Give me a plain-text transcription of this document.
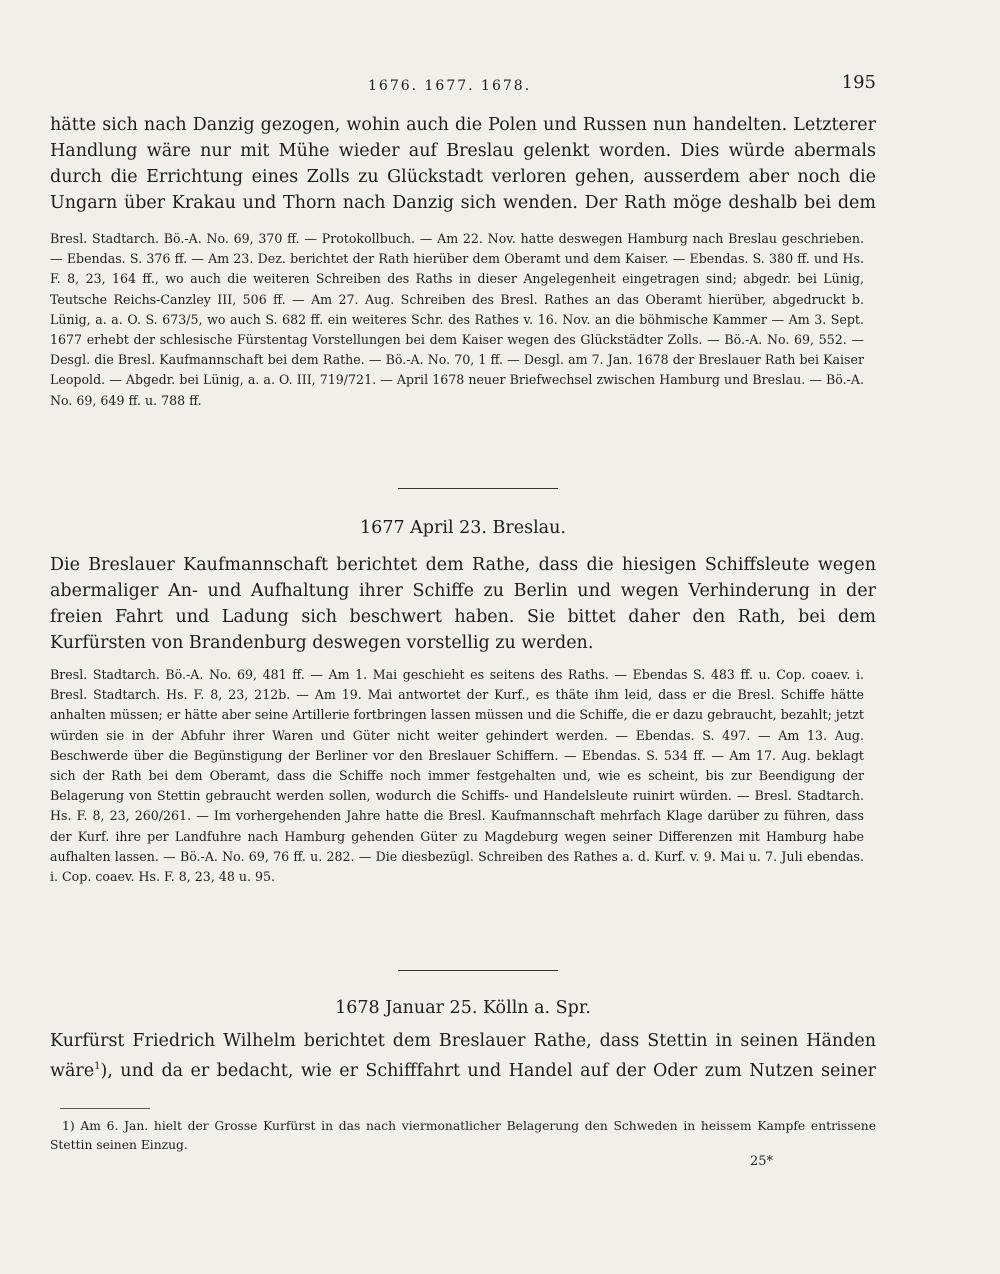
1676. 1677. 1678.	195

hätte sich nach Danzig gezogen, wohin auch die Polen und Russen nun handelten. Letzterer Handlung wäre nur mit Mühe wieder auf Breslau gelenkt worden. Dies würde abermals durch die Errichtung eines Zolls zu Glückstadt verloren gehen, ausserdem aber noch die Ungarn über Krakau und Thorn nach Danzig sich wenden. Der Rath möge deshalb bei dem

Bresl. Stadtarch. Bö.-A. No. 69, 370 ff. — Protokollbuch. — Am 22. Nov. hatte deswegen Hamburg nach Breslau geschrieben. — Ebendas. S. 376 ff. — Am 23. Dez. berichtet der Rath hierüber dem Oberamt und dem Kaiser. — Ebendas. S. 380 ff. und Hs. F. 8, 23, 164 ff., wo auch die weiteren Schreiben des Raths in dieser Angelegenheit eingetragen sind; abgedr. bei Lünig, Teutsche Reichs-Canzley III, 506 ff. — Am 27. Aug. Schreiben des Bresl. Rathes an das Oberamt hierüber, abgedruckt b. Lünig, a. a. O. S. 673/5, wo auch S. 682 ff. ein weiteres Schr. des Rathes v. 16. Nov. an die böhmische Kammer — Am 3. Sept. 1677 erhebt der schlesische Fürstentag Vorstellungen bei dem Kaiser wegen des Glückstädter Zolls. — Bö.-A. No. 69, 552. — Desgl. die Bresl. Kaufmannschaft bei dem Rathe. — Bö.-A. No. 70, 1 ff. — Desgl. am 7. Jan. 1678 der Breslauer Rath bei Kaiser Leopold. — Abgedr. bei Lünig, a. a. O. III, 719/721. — April 1678 neuer Briefwechsel zwischen Hamburg und Breslau. — Bö.-A. No. 69, 649 ff. u. 788 ff.

1677 April 23. Breslau.

Die Breslauer Kaufmannschaft berichtet dem Rathe, dass die hiesigen Schiffsleute wegen abermaliger An- und Aufhaltung ihrer Schiffe zu Berlin und wegen Verhinderung in der freien Fahrt und Ladung sich beschwert haben. Sie bittet daher den Rath, bei dem Kurfürsten von Brandenburg deswegen vorstellig zu werden.

Bresl. Stadtarch. Bö.-A. No. 69, 481 ff. — Am 1. Mai geschieht es seitens des Raths. — Ebendas S. 483 ff. u. Cop. coaev. i. Bresl. Stadtarch. Hs. F. 8, 23, 212b. — Am 19. Mai antwortet der Kurf., es thäte ihm leid, dass er die Bresl. Schiffe hätte anhalten müssen; er hätte aber seine Artillerie fortbringen lassen müssen und die Schiffe, die er dazu gebraucht, bezahlt; jetzt würden sie in der Abfuhr ihrer Waren und Güter nicht weiter gehindert werden. — Ebendas. S. 497. — Am 13. Aug. Beschwerde über die Begünstigung der Berliner vor den Breslauer Schiffern. — Ebendas. S. 534 ff. — Am 17. Aug. beklagt sich der Rath bei dem Oberamt, dass die Schiffe noch immer festgehalten und, wie es scheint, bis zur Beendigung der Belagerung von Stettin gebraucht werden sollen, wodurch die Schiffs- und Handelsleute ruinirt würden. — Bresl. Stadtarch. Hs. F. 8, 23, 260/261. — Im vorhergehenden Jahre hatte die Bresl. Kaufmannschaft mehrfach Klage darüber zu führen, dass der Kurf. ihre per Landfuhre nach Hamburg gehenden Güter zu Magdeburg wegen seiner Differenzen mit Hamburg habe aufhalten lassen. — Bö.-A. No. 69, 76 ff. u. 282. — Die diesbezügl. Schreiben des Rathes a. d. Kurf. v. 9. Mai u. 7. Juli ebendas. i. Cop. coaev. Hs. F. 8, 23, 48 u. 95.

1678 Januar 25. Kölln a. Spr.

Kurfürst Friedrich Wilhelm berichtet dem Breslauer Rathe, dass Stettin in seinen Händen wäre$^1$), und da er bedacht, wie er Schifffahrt und Handel auf der Oder zum Nutzen seiner

1) Am 6. Jan. hielt der Grosse Kurfürst in das nach viermonatlicher Belagerung den Schweden in heissem Kampfe entrissene Stettin seinen Einzug.

25*
